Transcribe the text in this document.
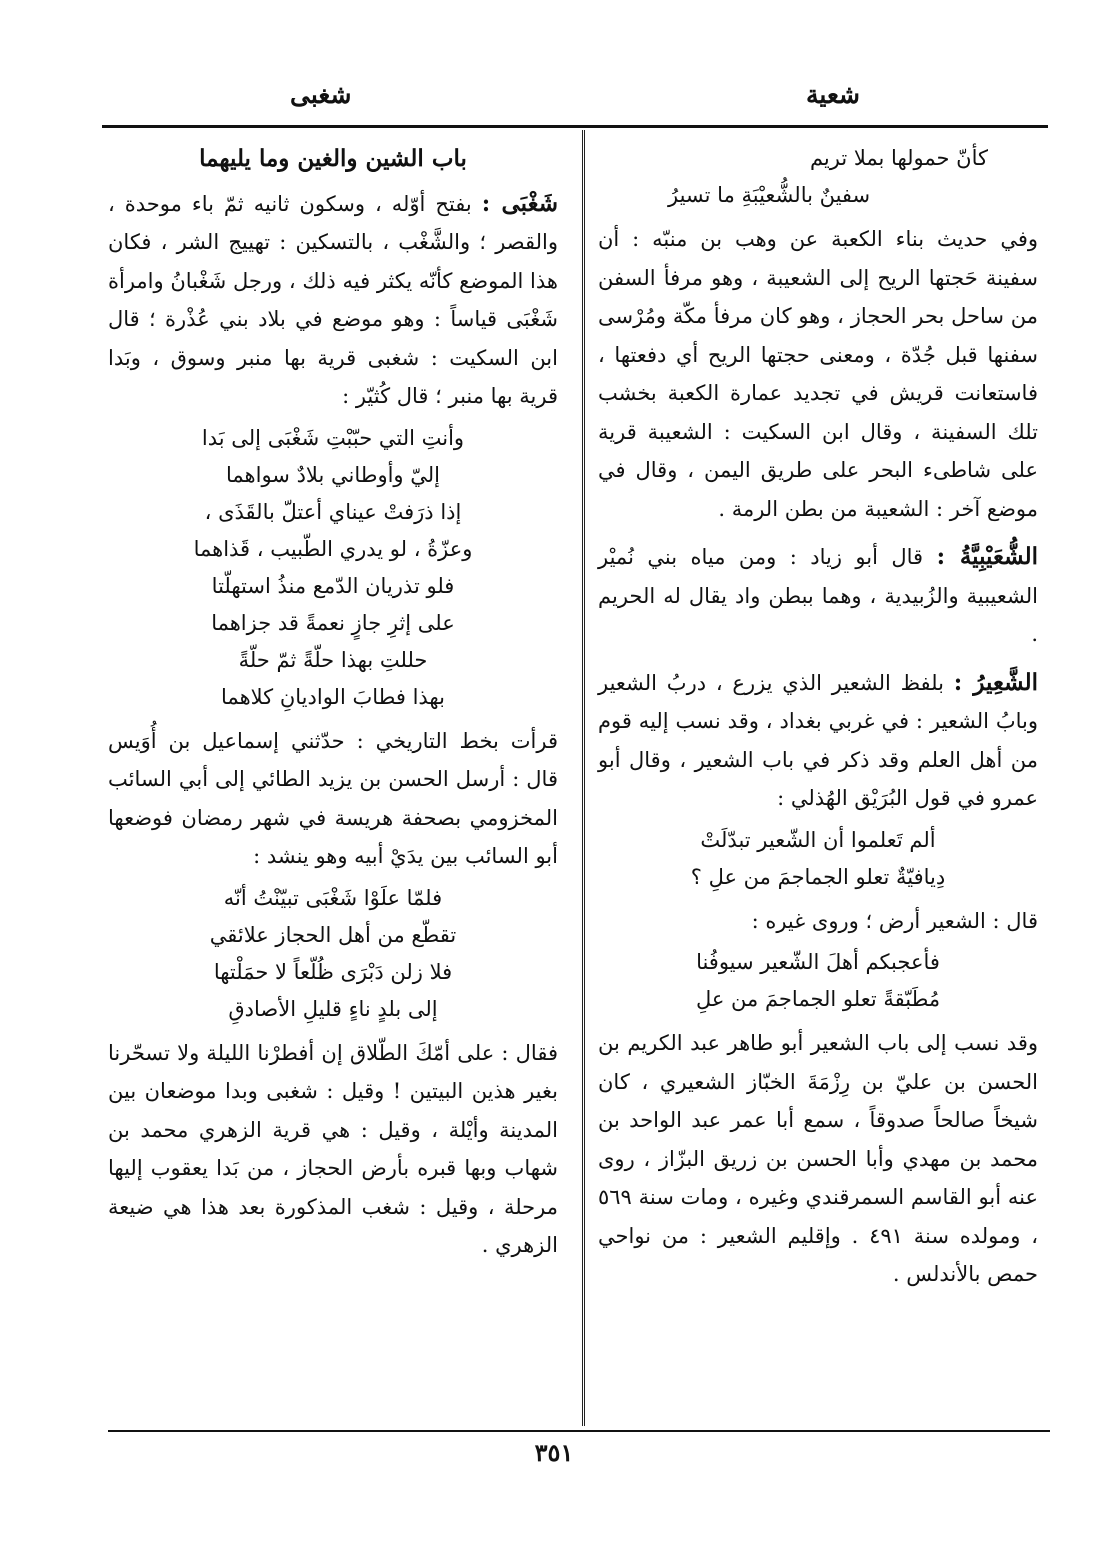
شعية
شغبى
كأنّ حمولها بملا تريم
سفينٌ بالشُّعيْبَةِ ما تسيرُ

وفي حديث بناء الكعبة عن وهب بن منبّه : أن سفينة حَجتها الريح إلى الشعيبة ، وهو مرفأ السفن من ساحل بحر الحجاز ، وهو كان مرفأ مكّة ومُرْسى سفنها قبل جُدّة ، ومعنى حجتها الريح أي دفعتها ، فاستعانت قريش في تجديد عمارة الكعبة بخشب تلك السفينة ، وقال ابن السكيت : الشعيبة قرية على شاطىء البحر على طريق اليمن ، وقال في موضع آخر : الشعيبة من بطن الرمة .

الشُّعَيْبِيَّةُ : قال أبو زياد : ومن مياه بني نُميْر الشعيبية والزُبيدية ، وهما ببطن واد يقال له الحريم .

الشَّعِيرُ : بلفظ الشعير الذي يزرع ، دربُ الشعير وبابُ الشعير : في غربي بغداد ، وقد نسب إليه قوم من أهل العلم وقد ذكر في باب الشعير ، وقال أبو عمرو في قول البُرَيْق الهُذلي :

ألم تَعلموا أن الشّعير تبدّلَتْ
دِيافيّةٌ تعلو الجماجمَ من علِ ؟

قال : الشعير أرض ؛ وروى غيره :

فأعجبكم أهلَ الشّعير سيوفُنا
مُطَبّقةً تعلو الجماجمَ من علِ

وقد نسب إلى باب الشعير أبو طاهر عبد الكريم بن الحسن بن عليّ بن رِزْمَةَ الخبّاز الشعيري ، كان شيخاً صالحاً صدوقاً ، سمع أبا عمر عبد الواحد بن محمد بن مهدي وأبا الحسن بن زريق البزّاز ، روى عنه أبو القاسم السمرقندي وغيره ، ومات سنة ٥٦٩ ، ومولده سنة ٤٩١ . وإقليم الشعير : من نواحي حمص بالأندلس .

باب الشين والغين وما يليهما

شَغْبَى : بفتح أوّله ، وسكون ثانيه ثمّ باء موحدة ، والقصر ؛ والشَّغْب ، بالتسكين : تهييج الشر ، فكان هذا الموضع كأنّه يكثر فيه ذلك ، ورجل شَغْبانُ وامرأة شَغْبَى قياساً : وهو موضع في بلاد بني عُذْرة ؛ قال ابن السكيت : شغبى قرية بها منبر وسوق ، وبَدا قرية بها منبر ؛ قال كُثيّر :

وأنتِ التي حبّبْتِ شَغْبَى إلى بَدا
إليّ وأوطاني بلادٌ سواهما
إذا ذرَفتْ عيناي أعتلّ بالقَذَى ،
وعزّةُ ، لو يدري الطّبيب ، قَذاهما
فلو تذريان الدّمع منذُ استهلّتا
على إثرِ جازٍ نعمةً قد جزاهما
حللتِ بهذا حلّةً ثمّ حلّةً
بهذا فطابَ الواديانِ كلاهما

قرأت بخط التاريخي : حدّثني إسماعيل بن أُوَيس قال : أرسل الحسن بن يزيد الطائي إلى أبي السائب المخزومي بصحفة هريسة في شهر رمضان فوضعها أبو السائب بين يدَيْ أبيه وهو ينشد :

فلمّا علَوْا شَغْبَى تبيّنْتُ أنّه
تقطّع من أهل الحجاز علائقي
فلا زلن دَبْرَى ظُلّعاً لا حمَلْتها
إلى بلدٍ ناءٍ قليلِ الأصادقِ

فقال : على أمّكَ الطّلاق إن أفطرْنا الليلة ولا تسحّرنا بغير هذين البيتين ! وقيل : شغبى وبدا موضعان بين المدينة وأيْلة ، وقيل : هي قرية الزهري محمد بن شهاب وبها قبره بأرض الحجاز ، من بَدا يعقوب إليها مرحلة ، وقيل : شغب المذكورة بعد هذا هي ضيعة الزهري .

٣٥١
